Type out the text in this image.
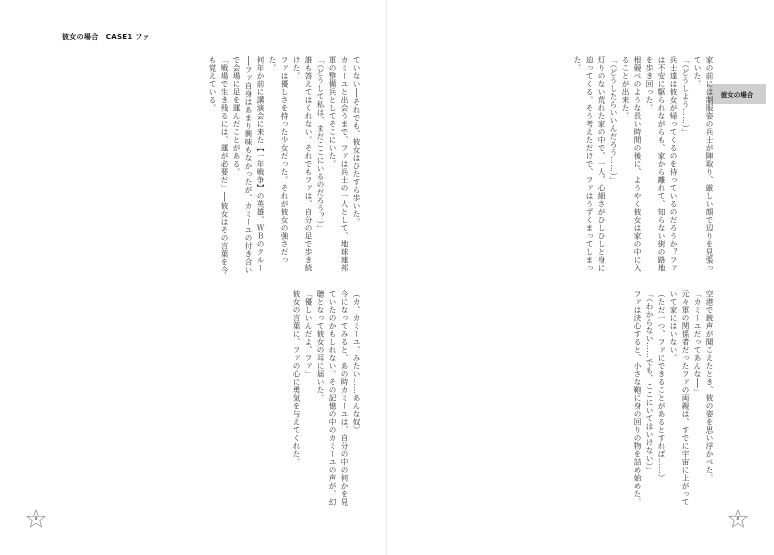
彼女の場合　CASE1 ファ

ていない──それでも、彼女はひたすら歩いた。

カミーユと出会うまで、ファは兵士の一人として、地球連邦軍の整備兵としてそこにいた。

「（どうして私は、まだここにいるのだろう？）」

誰も答えてはくれない。それでもファは、自分の足で歩き続けた。

ファは優しさを持った少女だった。それが彼女の強さだった。

何年か前に講演会に来た【一年戦争】の英雄、ＷＢのクルー──ファ自身はあまり興味もなかったが、カミーユの付き合いで会場に足を運んだことがある。

「戦場で生き残るには、運が必要だ」──彼女はその言葉を今も覚えている。

（カ、カミーユ、みたい……あんな奴）

今になってみると、あの時カミーユは、自分の中の何かを見ていたのかもしれない。その記憶の中のカミーユの声が、幻聴となって彼女の耳に届いた。

「優しいんだよ、ファ」

彼女の言葉に、ファの心に勇気を与えてくれた。

9
彼女の場合

家の前には制服姿の兵士が陣取り、厳しい顔で辺りを見張っていた。

「（どうしよう……）」

兵士達は彼女が帰ってくるのを待っているのだろうか？ファは不安に駆られながらも、家から離れて、知らない街の路地を歩き回った。

根競べのような長い時間の後に、ようやく彼女は家の中に入ることが出来た。

「（どうしたらいいんだろう……）」

灯りのない荒れた家の中で、一人、心細さがひしひしと身に迫ってくる。そう考えただけで、ファはうずくまってしまった。

空港で銃声が聞こえたとき、彼の姿を思い浮かべた。

「カミーユだってあんな──」

元々軍の関係者だったファの両親は、すでに宇宙に上がっていて家にはいない。

（ただ一つ、ファにできることがあるとすれば……）

「（わからない……でも、ここにいてはいけない）」

ファは決心すると、小さな鞄に身の回りの物を詰め始めた。

8
